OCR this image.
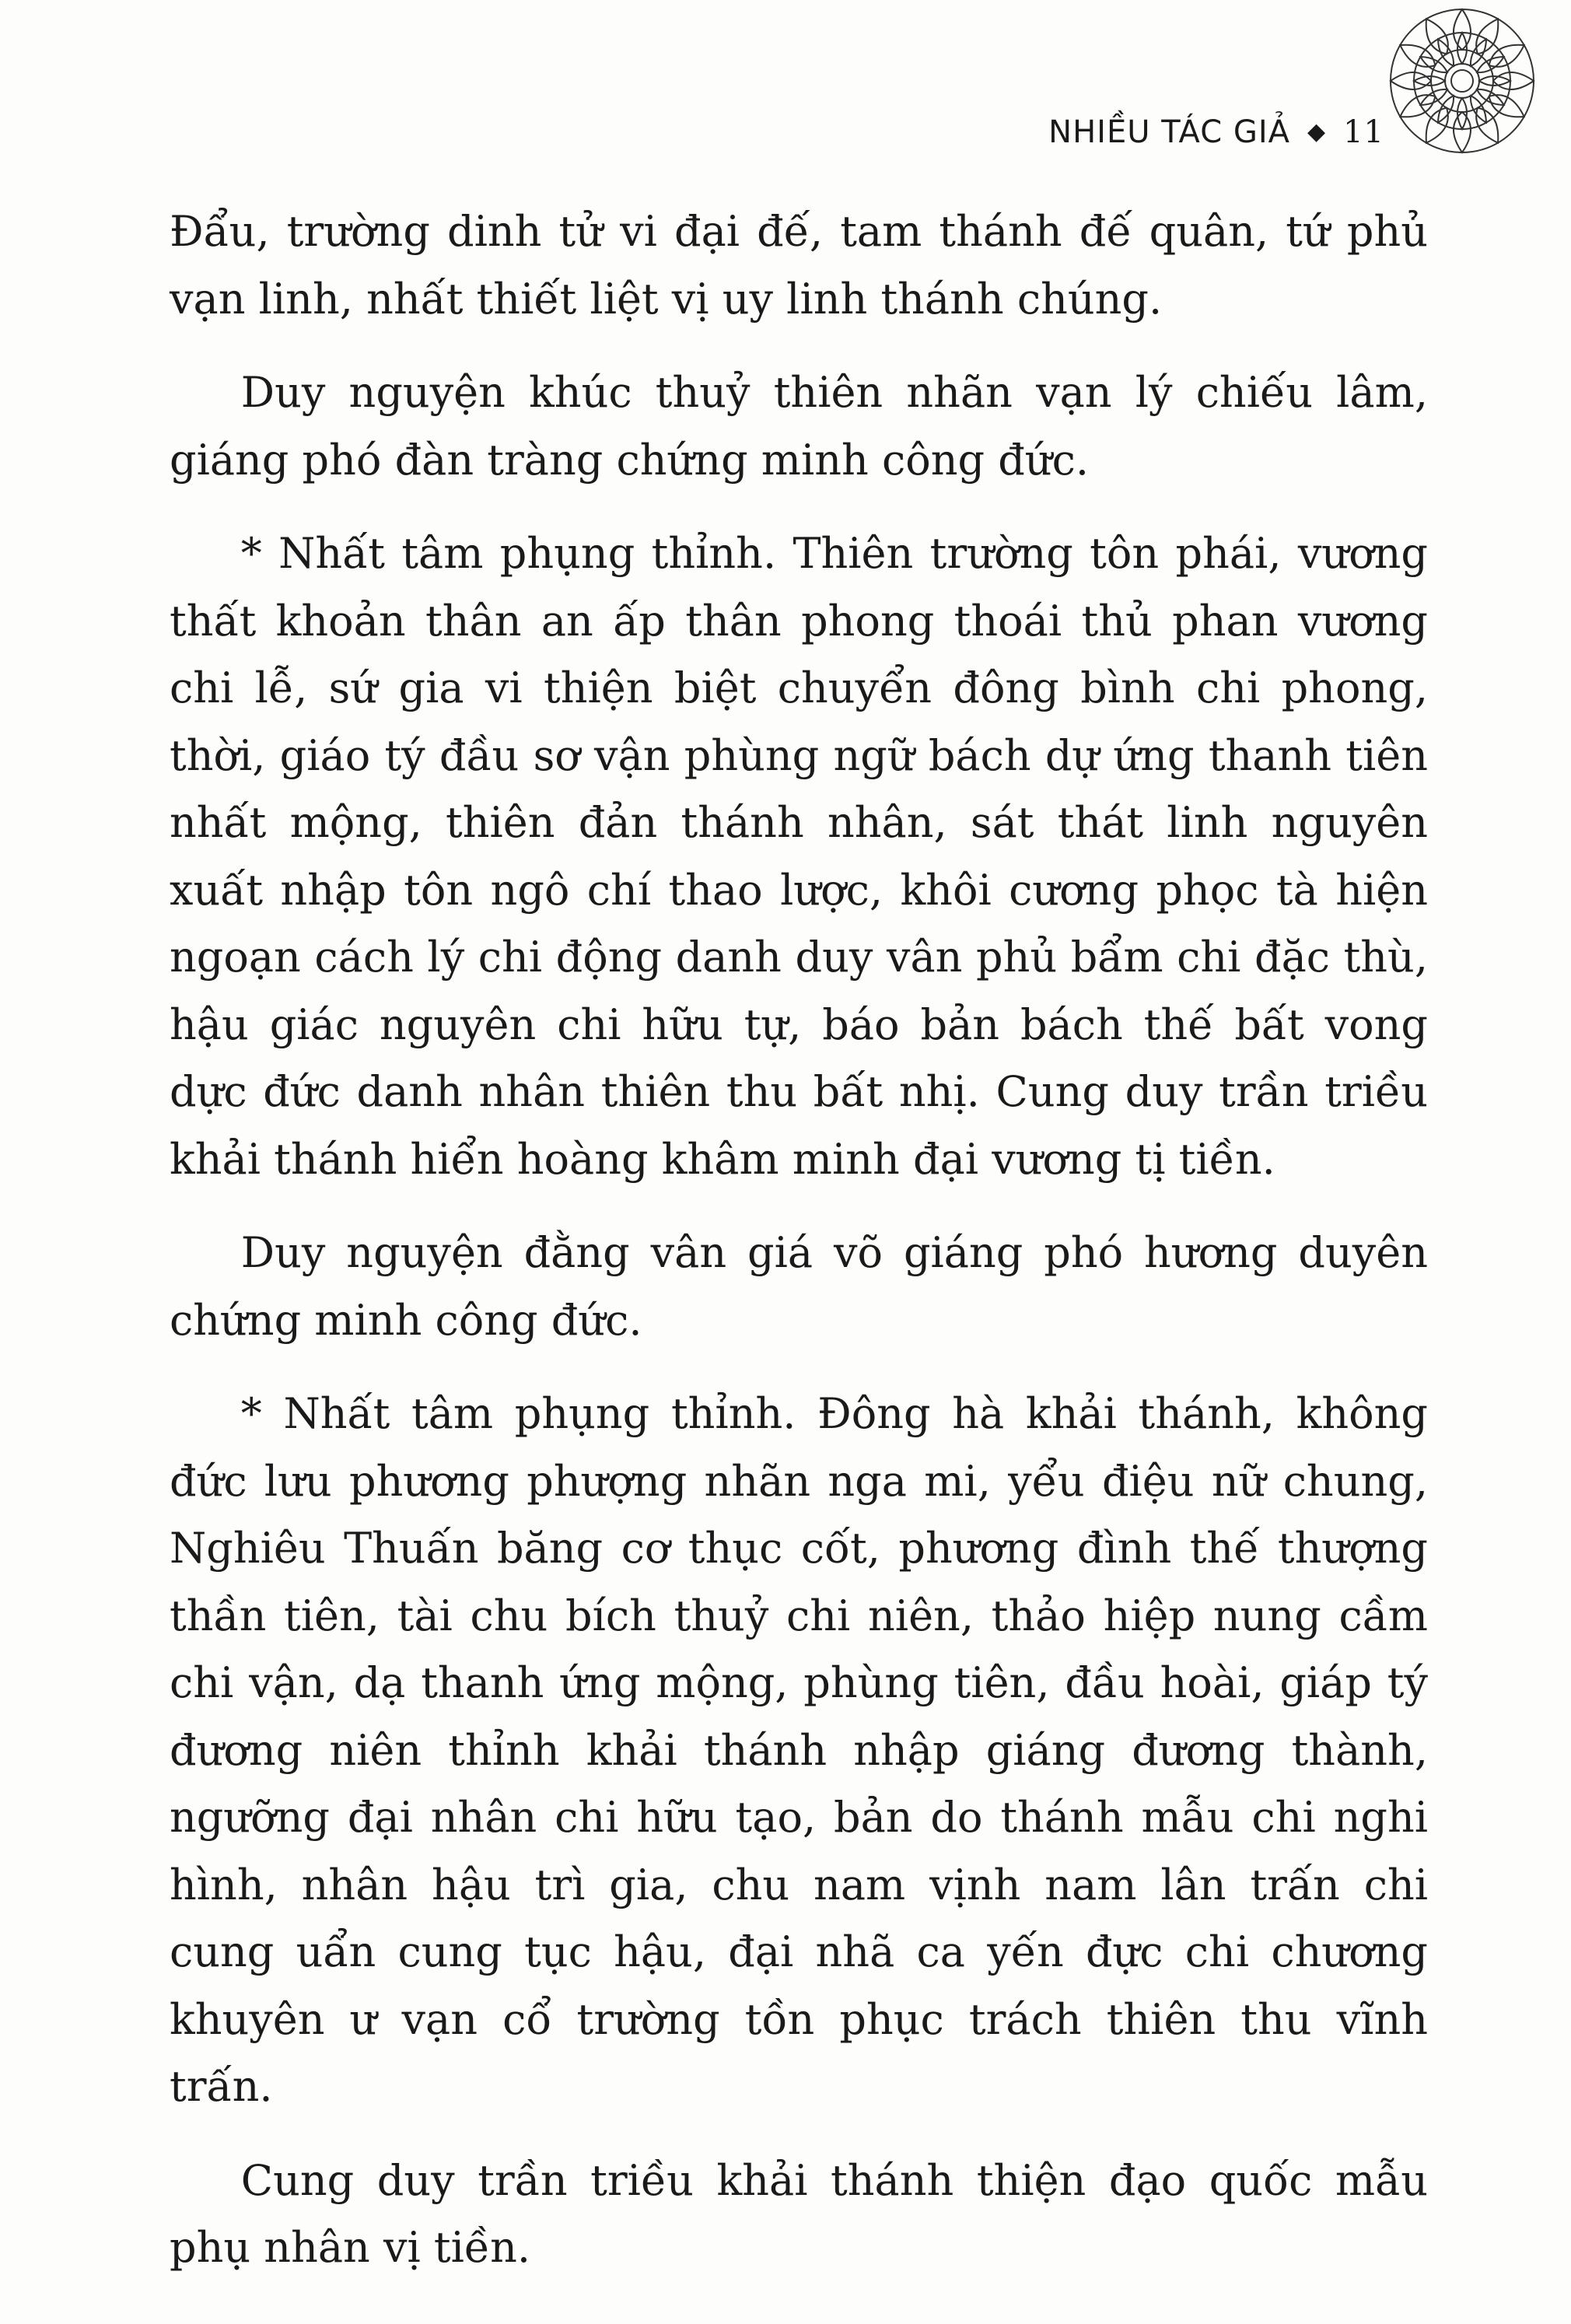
NHIỀU TÁC GIẢ ◆ 11

Đẩu, trường dinh tử vi đại đế, tam thánh đế quân, tứ phủ vạn linh, nhất thiết liệt vị uy linh thánh chúng.

Duy nguyện khúc thuỷ thiên nhãn vạn lý chiếu lâm, giáng phó đàn tràng chứng minh công đức.

* Nhất tâm phụng thỉnh. Thiên trường tôn phái, vương thất khoản thân an ấp thân phong thoái thủ phan vương chi lễ, sứ gia vi thiện biệt chuyển đông bình chi phong, thời, giáo tý đầu sơ vận phùng ngữ bách dự ứng thanh tiên nhất mộng, thiên đản thánh nhân, sát thát linh nguyên xuất nhập tôn ngô chí thao lược, khôi cương phọc tà hiện ngoạn cách lý chi động danh duy vân phủ bẩm chi đặc thù, hậu giác nguyên chi hữu tự, báo bản bách thế bất vong dực đức danh nhân thiên thu bất nhị. Cung duy trần triều khải thánh hiển hoàng khâm minh đại vương tị tiền.

Duy nguyện đằng vân giá võ giáng phó hương duyên chứng minh công đức.

* Nhất tâm phụng thỉnh. Đông hà khải thánh, không đức lưu phương phượng nhãn nga mi, yểu điệu nữ chung, Nghiêu Thuấn băng cơ thục cốt, phương đình thế thượng thần tiên, tài chu bích thuỷ chi niên, thảo hiệp nung cầm chi vận, dạ thanh ứng mộng, phùng tiên, đầu hoài, giáp tý đương niên thỉnh khải thánh nhập giáng đương thành, ngưỡng đại nhân chi hữu tạo, bản do thánh mẫu chi nghi hình, nhân hậu trì gia, chu nam vịnh nam lân trấn chi cung uẩn cung tục hậu, đại nhã ca yến đực chi chương khuyên ư vạn cổ trường tồn phục trách thiên thu vĩnh trấn.

Cung duy trần triều khải thánh thiện đạo quốc mẫu phụ nhân vị tiền.
